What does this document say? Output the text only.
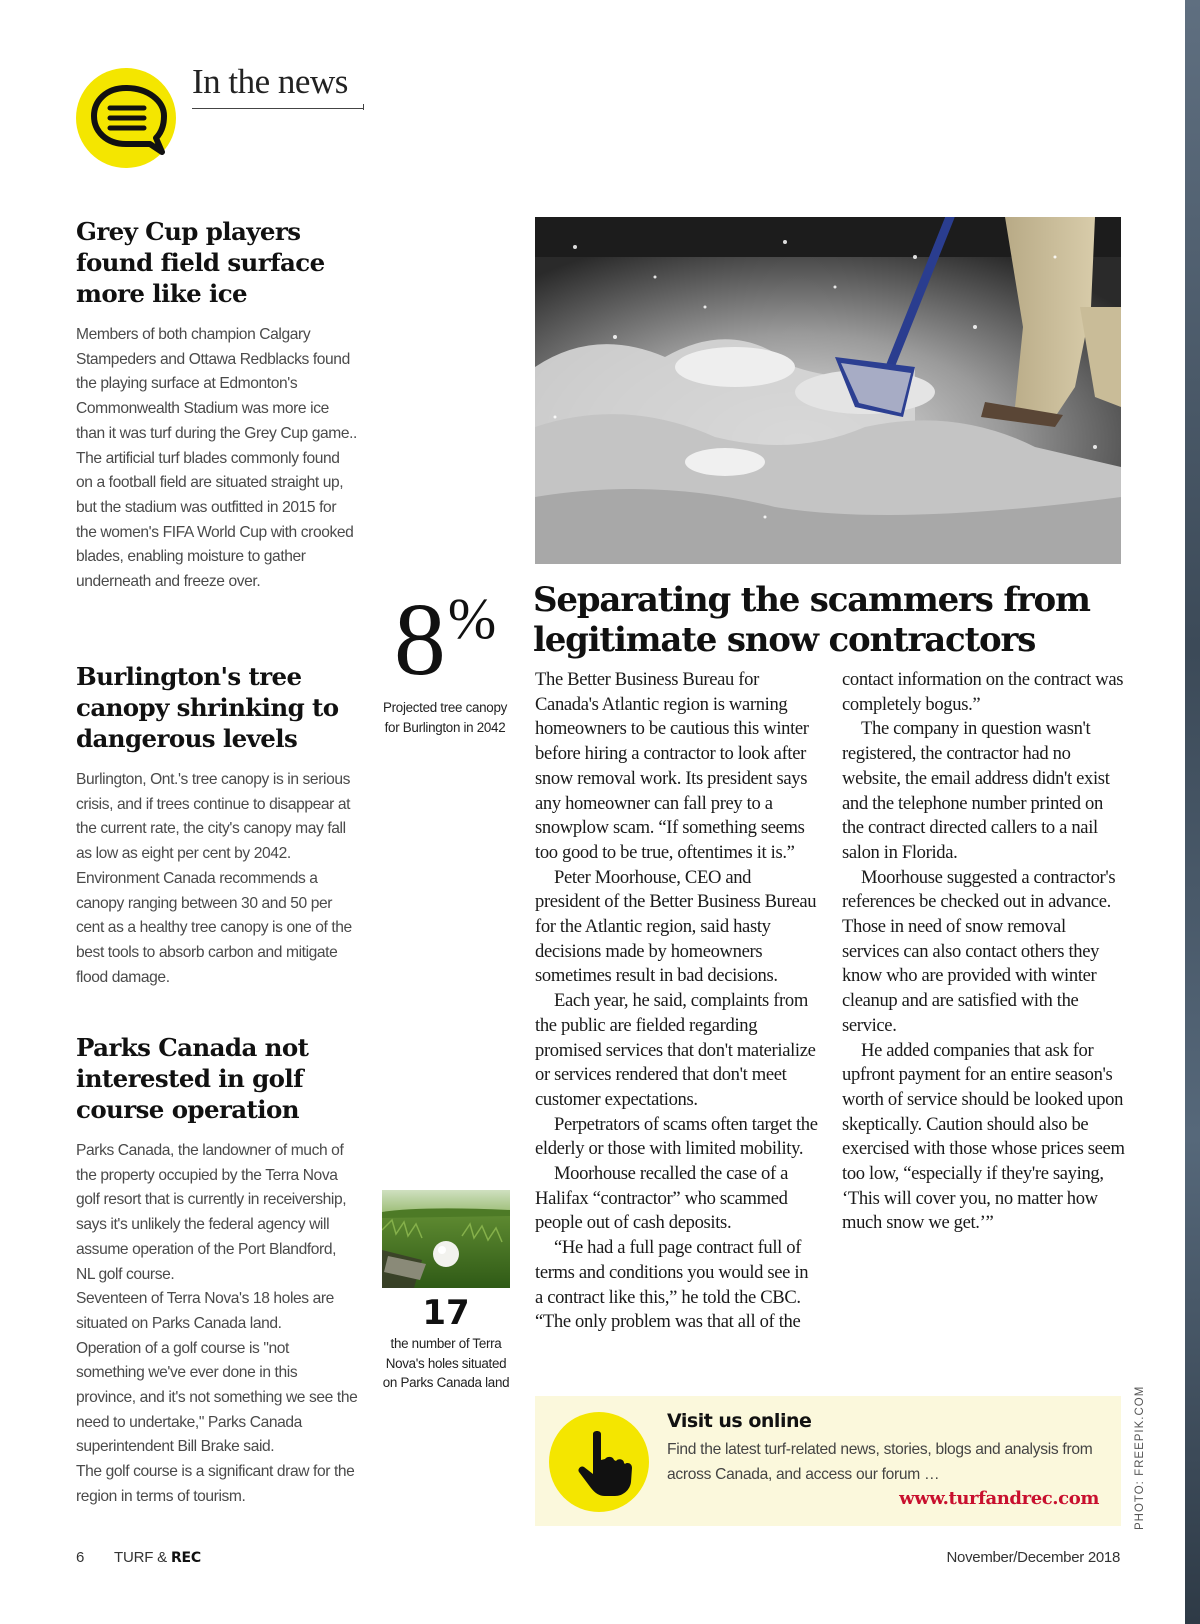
In the news
Grey Cup players found field surface more like ice

Members of both champion Calgary Stampeders and Ottawa Redblacks found the playing surface at Edmonton's Commonwealth Stadium was more ice than it was turf during the Grey Cup game..

The artificial turf blades commonly found on a football field are situated straight up, but the stadium was outfitted in 2015 for the women's FIFA World Cup with crooked blades, enabling moisture to gather underneath and freeze over.

Burlington's tree canopy shrinking to dangerous levels

Burlington, Ont.'s tree canopy is in serious crisis, and if trees continue to disappear at the current rate, the city's canopy may fall as low as eight per cent by 2042.

Environment Canada recommends a canopy ranging between 30 and 50 per cent as a healthy tree canopy is one of the best tools to absorb carbon and mitigate flood damage.

Parks Canada not interested in golf course operation

Parks Canada, the landowner of much of the property occupied by the Terra Nova golf resort that is currently in receivership, says it's unlikely the federal agency will assume operation of the Port Blandford, NL golf course.

Seventeen of Terra Nova's 18 holes are situated on Parks Canada land.

Operation of a golf course is "not something we've ever done in this province, and it's not something we see the need to undertake," Parks Canada superintendent Bill Brake said.

The golf course is a significant draw for the region in terms of tourism.

8%
Projected tree canopy for Burlington in 2042
17
the number of Terra Nova's holes situated on Parks Canada land
Separating the scammers from legitimate snow contractors

The Better Business Bureau for Canada's Atlantic region is warning homeowners to be cautious this winter before hiring a contractor to look after snow removal work. Its president says any homeowner can fall prey to a snowplow scam. “If something seems too good to be true, oftentimes it is.”

Peter Moorhouse, CEO and president of the Better Business Bureau for the Atlantic region, said hasty decisions made by homeowners sometimes result in bad decisions.

Each year, he said, complaints from the public are fielded regarding promised services that don't materialize or services rendered that don't meet customer expectations.

Perpetrators of scams often target the elderly or those with limited mobility.

Moorhouse recalled the case of a Halifax “contractor” who scammed people out of cash deposits.

“He had a full page contract full of terms and conditions you would see in a contract like this,” he told the CBC. “The only problem was that all of the contact information on the contract was completely bogus.”

The company in question wasn't registered, the contractor had no website, the email address didn't exist and the telephone number printed on the contract directed callers to a nail salon in Florida.

Moorhouse suggested a contractor's references be checked out in advance. Those in need of snow removal services can also contact others they know who are provided with winter cleanup and are satisfied with the service.

He added companies that ask for upfront payment for an entire season's worth of service should be looked upon skeptically. Caution should also be exercised with those whose prices seem too low, “especially if they're saying, ‘This will cover you, no matter how much snow we get.’”

Visit us online
Find the latest turf-related news, stories, blogs and analysis from across Canada, and access our forum …
www.turfandrec.com	PHOTO: FREEPIK.COM
6 TURF & REC	November/December 2018
